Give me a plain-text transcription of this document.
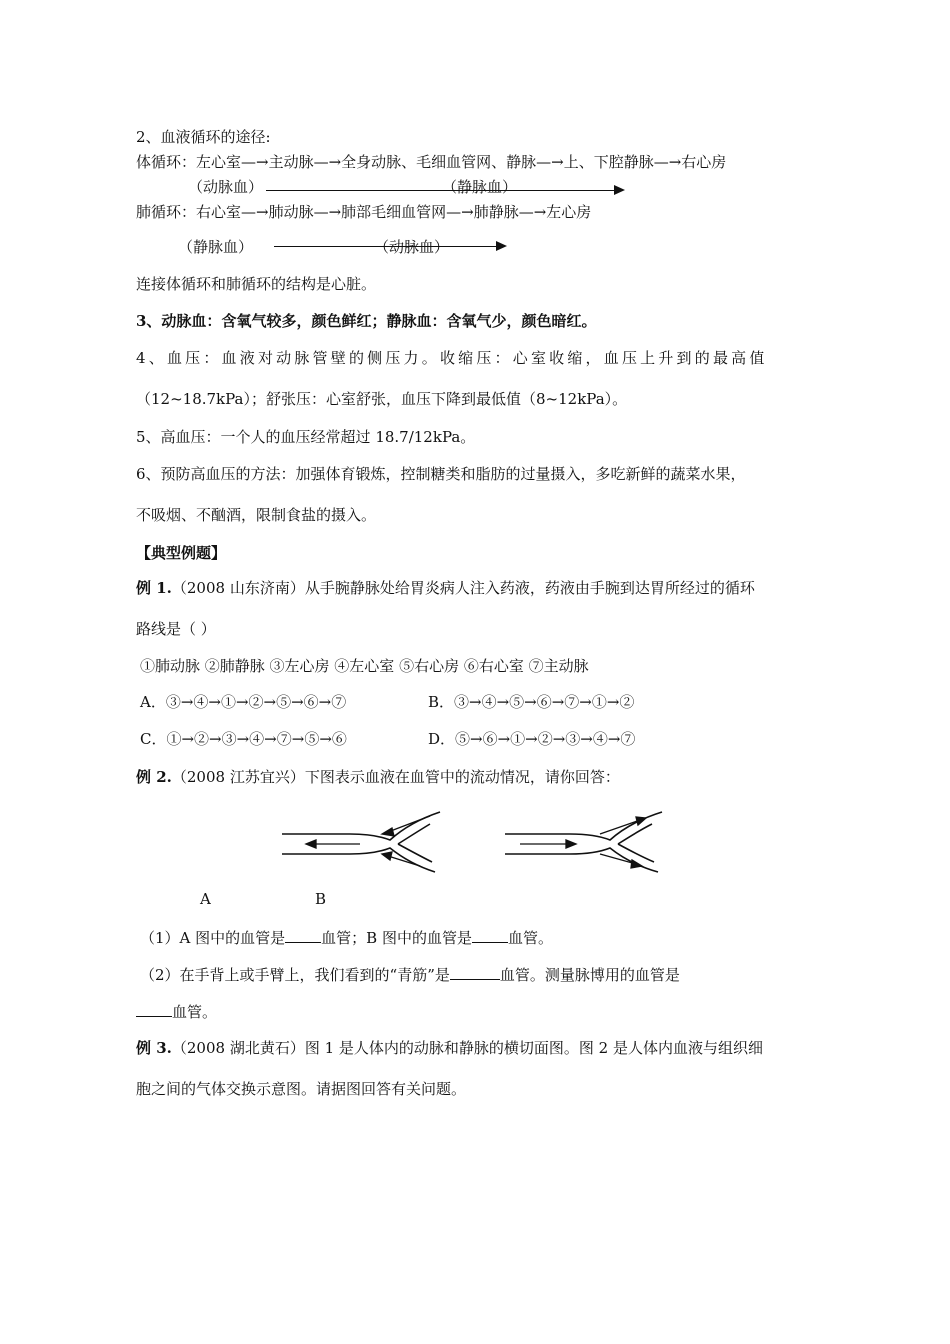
2、血液循环的途径:
体循环：左心室—→主动脉—→全身动脉、毛细血管网、静脉—→上、下腔静脉—→右心房
（动脉血）	（静脉血）
肺循环：右心室—→肺动脉—→肺部毛细血管网—→肺静脉—→左心房
（静脉血）	（动脉血）
连接体循环和肺循环的结构是心脏。
3、动脉血：含氧气较多，颜色鲜红；静脉血：含氧气少，颜色暗红。
4、血压：血液对动脉管壁的侧压力。收缩压：心室收缩，血压上升到的最高值
（12~18.7kPa）；舒张压：心室舒张，血压下降到最低值（8~12kPa）。
5、高血压：一个人的血压经常超过 18.7/12kPa。
6、预防高血压的方法：加强体育锻炼，控制糖类和脂肪的过量摄入，多吃新鲜的蔬菜水果，
不吸烟、不酗酒，限制食盐的摄入。
【典型例题】
例 1.（2008 山东济南）从手腕静脉处给胃炎病人注入药液，药液由手腕到达胃所经过的循环
路线是（ ）
①肺动脉 ②肺静脉 ③左心房 ④左心室 ⑤右心房 ⑥右心室 ⑦主动脉
A．③→④→①→②→⑤→⑥→⑦	B．③→④→⑤→⑥→⑦→①→②
C．①→②→③→④→⑦→⑤→⑥	D．⑤→⑥→①→②→③→④→⑦
例 2.（2008 江苏宜兴）下图表示血液在血管中的流动情况，请你回答：
A	B
（1）A 图中的血管是 血管；B 图中的血管是 血管。
（2）在手背上或手臂上，我们看到的“青筋”是	血管。测量脉博用的血管是
血管。
例 3.（2008 湖北黄石）图 1 是人体内的动脉和静脉的横切面图。图 2 是人体内血液与组织细
胞之间的气体交换示意图。请据图回答有关问题。
